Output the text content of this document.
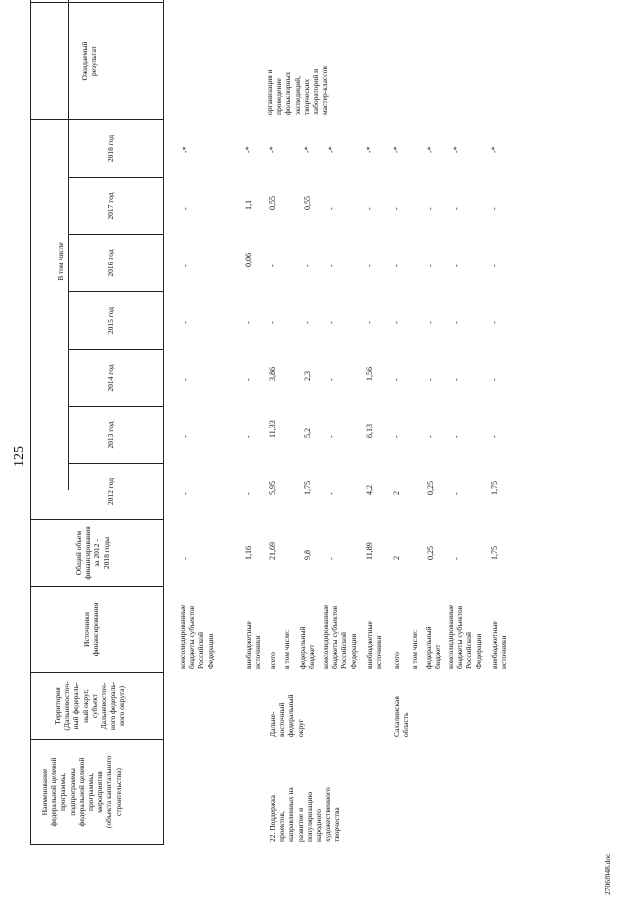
125
2706f048.doc
Наименование
федеральной целевой
программы,
подпрограммы
федеральной целевой
программы,
мероприятия
(объекта капитального
строительства)
Территория
(Дальневосточ-
ный федераль-
ный округ,
субъект
Дальневосточ-
ного федераль-
ного округа)
Источники
финансирования
Общий объем
финансирования
за 2012 -
2018 годы
В том числе
Ожидаемый
результат
2012 год
2013 год
2014 год
2015 год
2016 год
2017 год
2018 год
организация и
проведение
фольклорных
экспедиций,
творческих
лабораторий и
мастер-классов
консолидированные
бюджеты субъектов
Российской
Федерации
-
-
-
-
-
-
-
-*
внебюджетные
источники
1,16
-
-
-
-
0,06
1,1
-*
22. Поддержка
проектов,
направленных на
развитие и
популяризацию
народного
художественного
творчества
Дальне-
восточный
федеральный
округ
всего
21,69
5,95
11,33
3,86
-
-
0,55
-*
в том числе: федеральный
бюджет
9,8
1,75
5,2
2,3
-
-
0,55
-*
консолидированные
бюджеты субъектов
Российской
Федерации
-
-
-
-
-
-
-
-*
внебюджетные
источники
11,89
4,2
6,13
1,56
-
-
-
-*
Сахалинская
область
всего
2
2
-
-
-
-
-
-*
в том числе: федеральный
бюджет
0,25
0,25
-
-
-
-
-
-*
консолидированные
бюджеты субъектов
Российской
Федерации
-
-
-
-
-
-
-
-*
внебюджетные
источники
1,75
1,75
-
-
-
-
-
-*
